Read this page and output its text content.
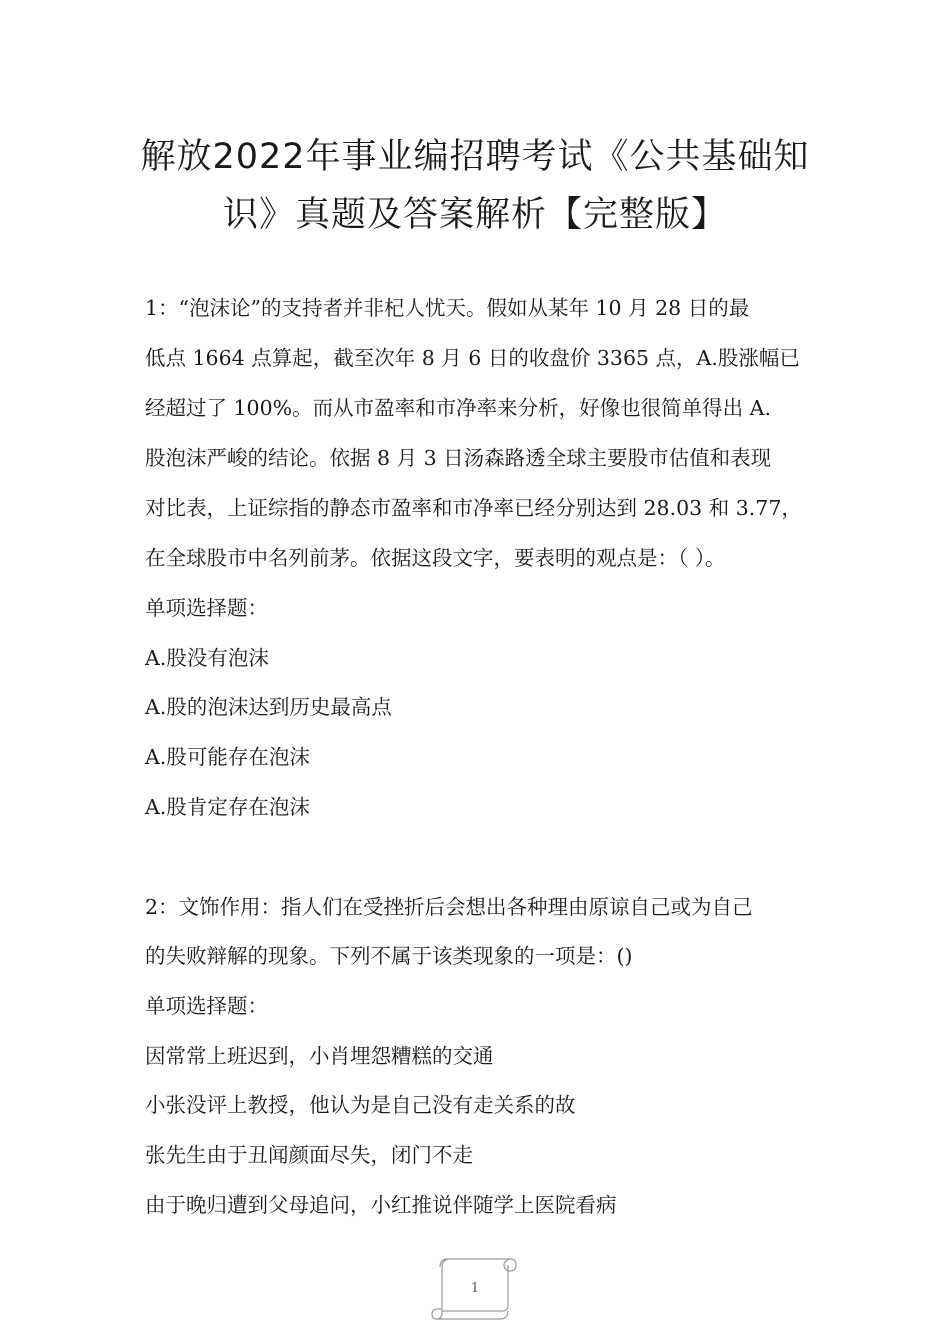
解放2022年事业编招聘考试《公共基础知
识》真题及答案解析【完整版】
1：“泡沫论”的支持者并非杞人忧天。假如从某年 10 月 28 日的最
低点 1664 点算起，截至次年 8 月 6 日的收盘价 3365 点，A.股涨幅已
经超过了 100%。而从市盈率和市净率来分析，好像也很简单得出 A.
股泡沫严峻的结论。依据 8 月 3 日汤森路透全球主要股市估值和表现
对比表，上证综指的静态市盈率和市净率已经分别达到 28.03 和 3.77，
在全球股市中名列前茅。依据这段文字，要表明的观点是：（ ）。
单项选择题：
A.股没有泡沫
A.股的泡沫达到历史最高点
A.股可能存在泡沫
A.股肯定存在泡沫
2：文饰作用：指人们在受挫折后会想出各种理由原谅自己或为自己
的失败辩解的现象。下列不属于该类现象的一项是：()
单项选择题：
因常常上班迟到，小肖埋怨糟糕的交通
小张没评上教授，他认为是自己没有走关系的故
张先生由于丑闻颜面尽失，闭门不走
由于晚归遭到父母追问，小红推说伴随学上医院看病
1
